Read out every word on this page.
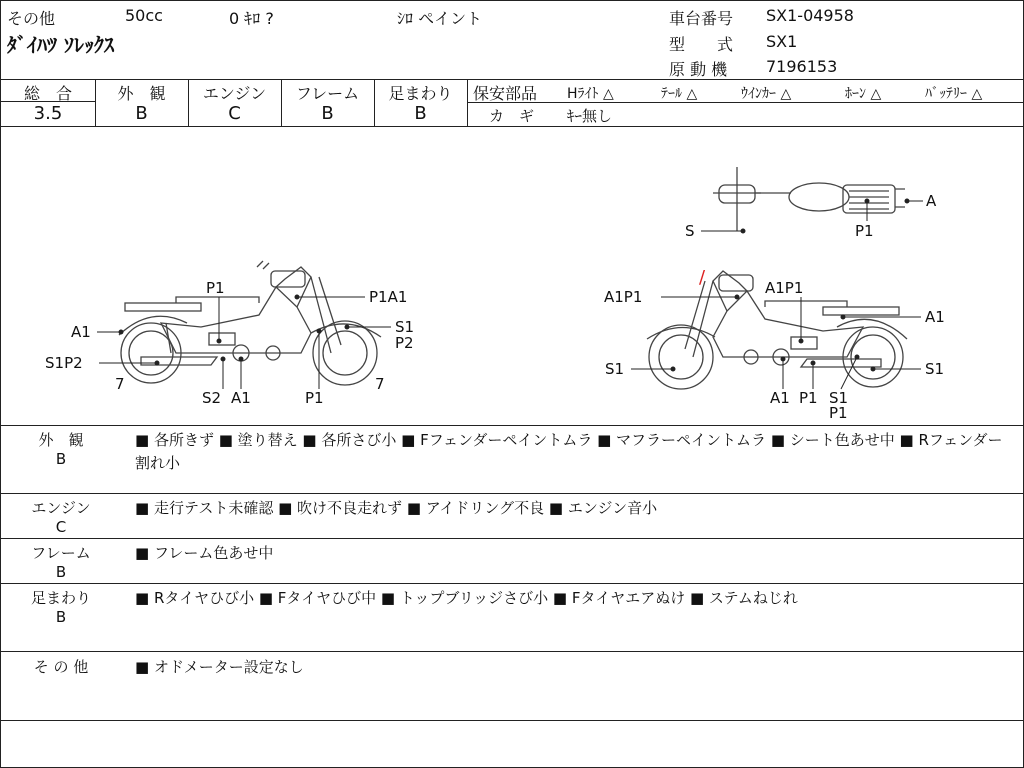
その他	50cc	0 ｷﾛ ?	ｼﾛ ペイント
ﾀﾞｲﾊﾂ ｿﾚｯｸｽ
車台番号 SX1-04958
型　　式 SX1
原 動 機 7196153
総　合
3.5
外　観
B
エンジン
C
フレーム
B
足まわり
B
保安部品 Hﾗｲﾄ △	ﾃｰﾙ △	ｳｲﾝｶｰ △	ﾎｰﾝ △	ﾊﾞｯﾃﾘｰ △
カ　ギ ｷｰ無し
/
P1	P1A1
A1	S1
P2
S1P2
7
S2 A1	P1
7
A1P1	A1P1
A1
S1	S1
A1 P1 S1
P1
A
S	P1
外　観
B
■ 各所きず ■ 塗り替え ■ 各所さび小 ■ Fフェンダーペイントムラ ■ マフラーペイントムラ ■ シート色あせ中 ■ Rフェンダー割れ小
エンジン
C
■ 走行テスト未確認 ■ 吹け不良走れず ■ アイドリング不良 ■ エンジン音小
フレーム
B
■ フレーム色あせ中
足まわり
B
■ Rタイヤひび小 ■ Fタイヤひび中 ■ トップブリッジさび小 ■ Fタイヤエアぬけ ■ ステムねじれ
そ の 他	■ オドメーター設定なし
